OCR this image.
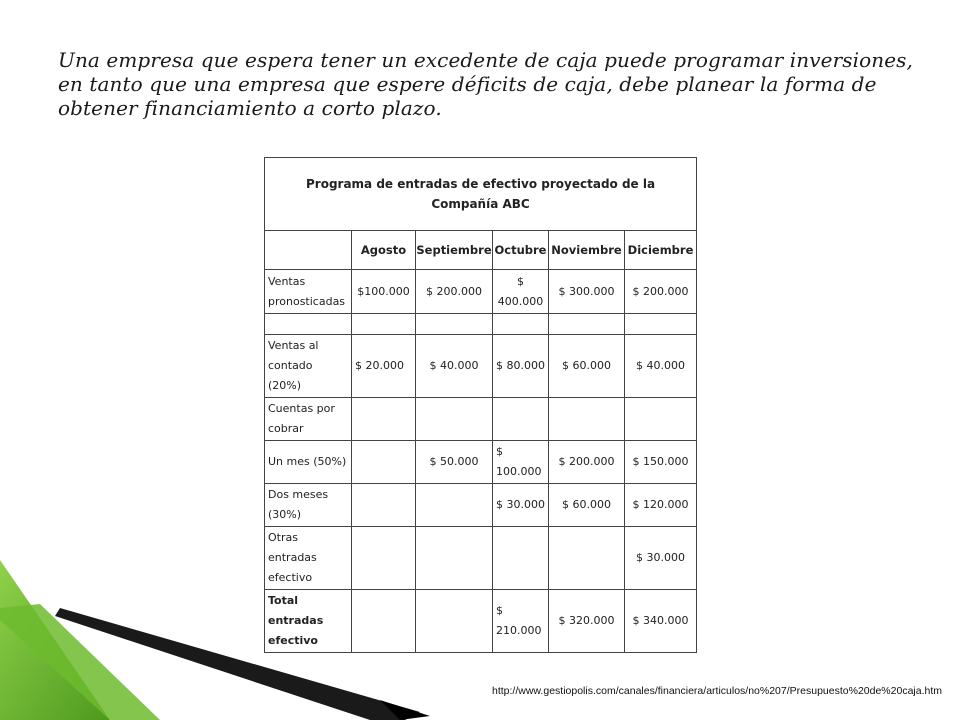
Una empresa que espera tener un excedente de caja puede programar inversiones, en tanto que una empresa que espere déficits de caja, debe planear la forma de obtener financiamiento a corto plazo.
Programa de entradas de efectivo proyectado de la Compañía ABC					
	Agosto	Septiembre	Octubre	Noviembre	Diciembre
Ventas pronosticadas	$100.000	$ 200.000	$ 400.000	$ 300.000	$ 200.000

Ventas al contado (20%)	$ 20.000	$ 40.000	$ 80.000	$ 60.000	$ 40.000
Cuentas por cobrar					
Un mes (50%)		$ 50.000	$ 100.000	$ 200.000	$ 150.000
Dos meses (30%)			$ 30.000	$ 60.000	$ 120.000
Otras entradas efectivo					$ 30.000
Total entradas efectivo			$ 210.000	$ 320.000	$ 340.000
http://www.gestiopolis.com/canales/financiera/articulos/no%207/Presupuesto%20de%20caja.htm
